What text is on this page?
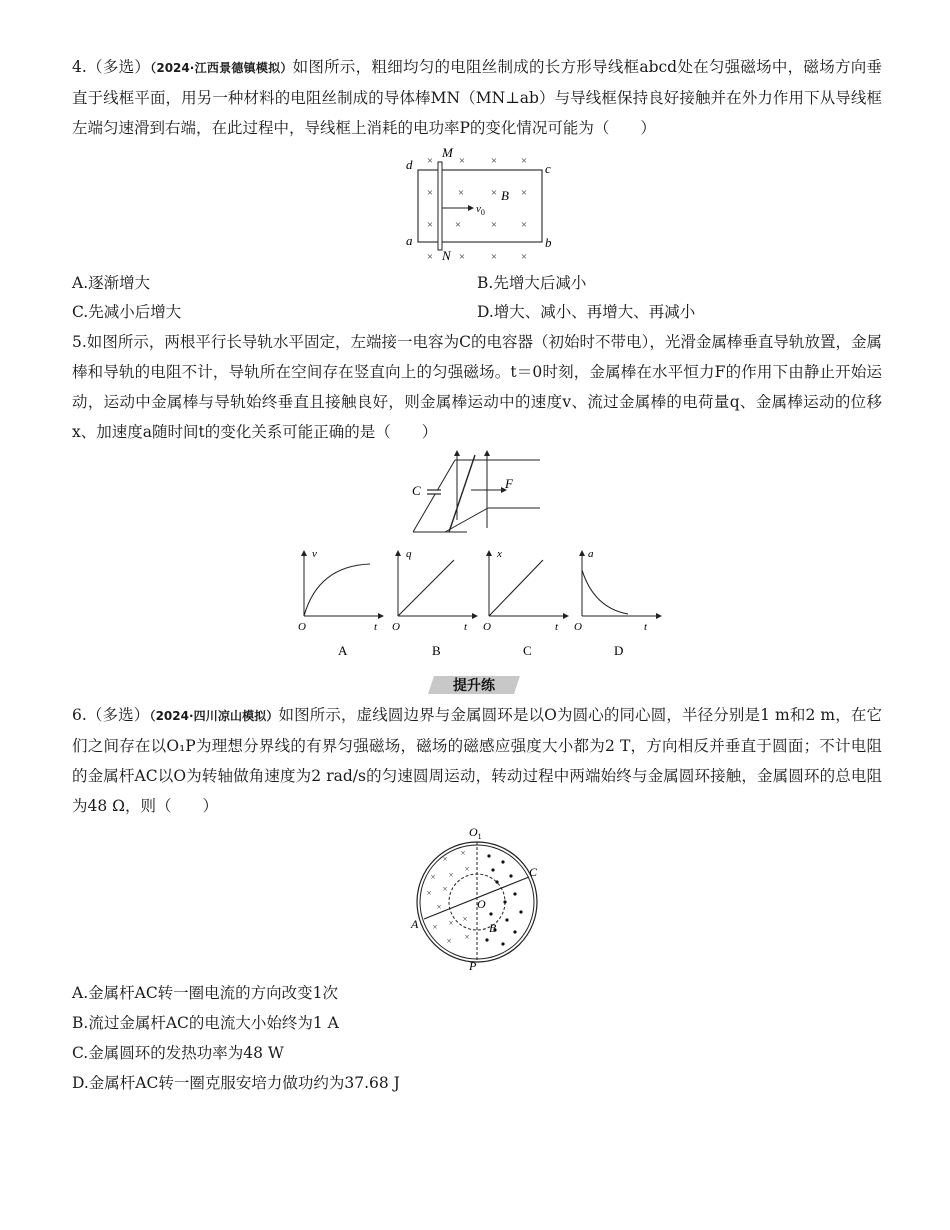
4.（多选）（2024·江西景德镇模拟）如图所示，粗细均匀的电阻丝制成的长方形导线框abcd处在匀强磁场中，磁场方向垂直于线框平面，用另一种材料的电阻丝制成的导体棒MN（MN⊥ab）与导线框保持良好接触并在外力作用下从导线框左端匀速滑到右端，在此过程中，导线框上消耗的电功率P的变化情况可能为（　　）

× × × ×
× × × ×
× ×	× ×
× × × ×
d	c
a	b
M
N
B
$v_0$
A.逐渐增大	B.先增大后减小
C.先减小后增大	D.增大、减小、再增大、再减小

5.如图所示，两根平行长导轨水平固定，左端接一电容为C的电容器（初始时不带电），光滑金属棒垂直导轨放置，金属棒和导轨的电阻不计，导轨所在空间存在竖直向上的匀强磁场。t＝0时刻，金属棒在水平恒力F的作用下由静止开始运动，运动中金属棒与导轨始终垂直且接触良好，则金属棒运动中的速度v、流过金属棒的电荷量q、金属棒运动的位移x、加速度a随时间t的变化关系可能正确的是（　　）

C	F
v
t
O
A
q
t
O
B
x
t
O
C
a
t
O
D
提升练

6.（多选）（2024·四川凉山模拟）如图所示，虚线圆边界与金属圆环是以O为圆心的同心圆，半径分别是1 m和2 m，在它们之间存在以O₁P为理想分界线的有界匀强磁场，磁场的磁感应强度大小都为2 T，方向相反并垂直于圆面；不计电阻的金属杆AC以O为转轴做角速度为2 rad/s的匀速圆周运动，转动过程中两端始终与金属圆环接触，金属圆环的总电阻为48 Ω，则（　　）

×
×
× ×
×
× ×
×
× ×
×
×
×
$O_1$
O
A	B
C
P
A.金属杆AC转一圈电流的方向改变1次
B.流过金属杆AC的电流大小始终为1 A
C.金属圆环的发热功率为48 W
D.金属杆AC转一圈克服安培力做功约为37.68 J
